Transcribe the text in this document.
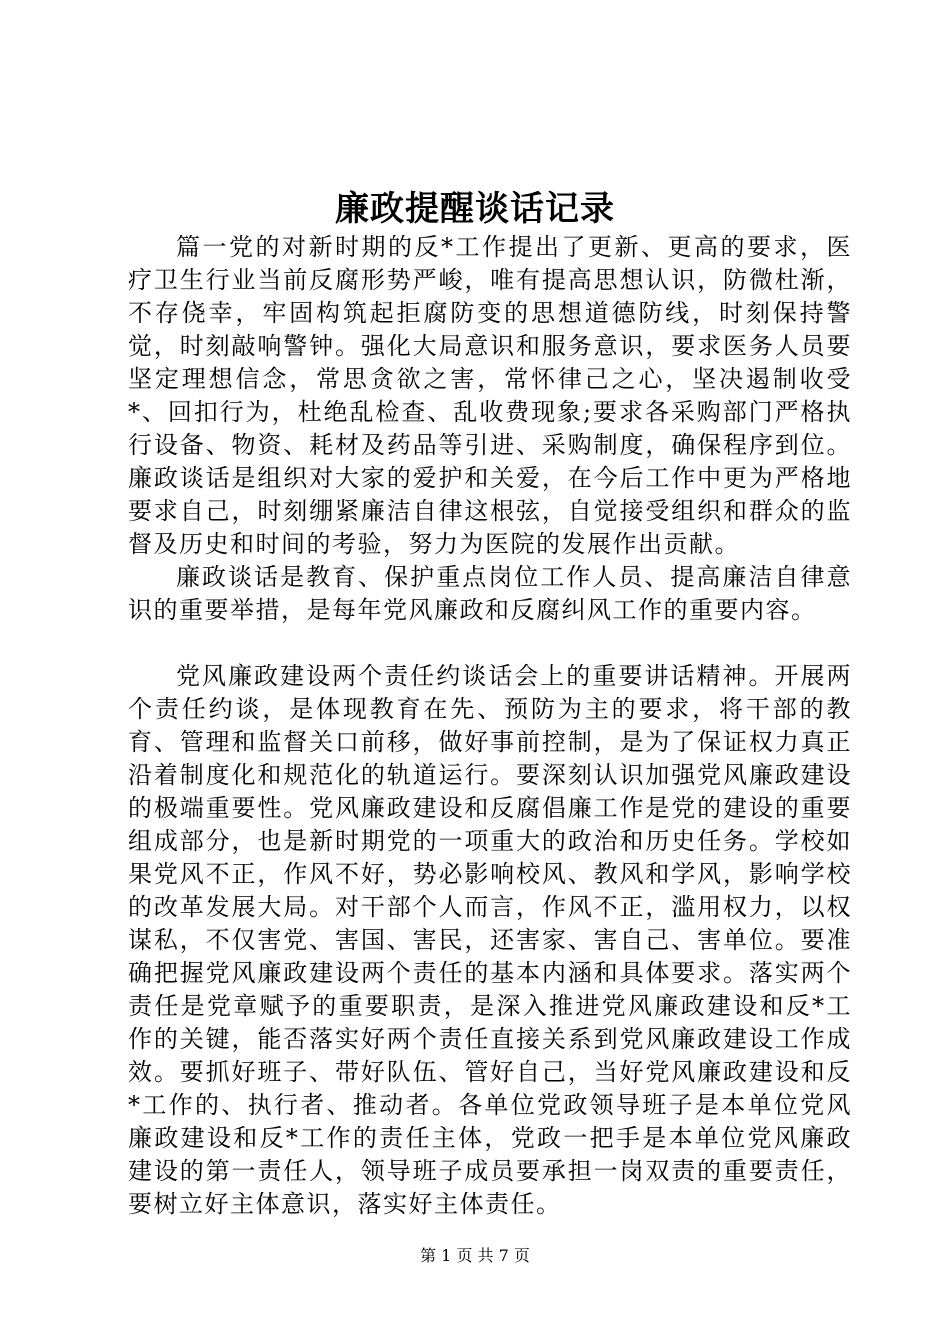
廉政提醒谈话记录

篇一党的对新时期的反*工作提出了更新、更高的要求，医疗卫生行业当前反腐形势严峻，唯有提高思想认识，防微杜渐，不存侥幸，牢固构筑起拒腐防变的思想道德防线，时刻保持警觉，时刻敲响警钟。强化大局意识和服务意识，要求医务人员要坚定理想信念，常思贪欲之害，常怀律己之心，坚决遏制收受*、回扣行为，杜绝乱检查、乱收费现象;要求各采购部门严格执行设备、物资、耗材及药品等引进、采购制度，确保程序到位。廉政谈话是组织对大家的爱护和关爱，在今后工作中更为严格地要求自己，时刻绷紧廉洁自律这根弦，自觉接受组织和群众的监督及历史和时间的考验，努力为医院的发展作出贡献。

廉政谈话是教育、保护重点岗位工作人员、提高廉洁自律意识的重要举措，是每年党风廉政和反腐纠风工作的重要内容。

党风廉政建设两个责任约谈话会上的重要讲话精神。开展两个责任约谈，是体现教育在先、预防为主的要求，将干部的教育、管理和监督关口前移，做好事前控制，是为了保证权力真正沿着制度化和规范化的轨道运行。要深刻认识加强党风廉政建设的极端重要性。党风廉政建设和反腐倡廉工作是党的建设的重要组成部分，也是新时期党的一项重大的政治和历史任务。学校如果党风不正，作风不好，势必影响校风、教风和学风，影响学校的改革发展大局。对干部个人而言，作风不正，滥用权力，以权谋私，不仅害党、害国、害民，还害家、害自己、害单位。要准确把握党风廉政建设两个责任的基本内涵和具体要求。落实两个责任是党章赋予的重要职责，是深入推进党风廉政建设和反*工作的关键，能否落实好两个责任直接关系到党风廉政建设工作成效。要抓好班子、带好队伍、管好自己，当好党风廉政建设和反*工作的、执行者、推动者。各单位党政领导班子是本单位党风廉政建设和反*工作的责任主体，党政一把手是本单位党风廉政建设的第一责任人，领导班子成员要承担一岗双责的重要责任，要树立好主体意识，落实好主体责任。

第 1 页 共 7 页
